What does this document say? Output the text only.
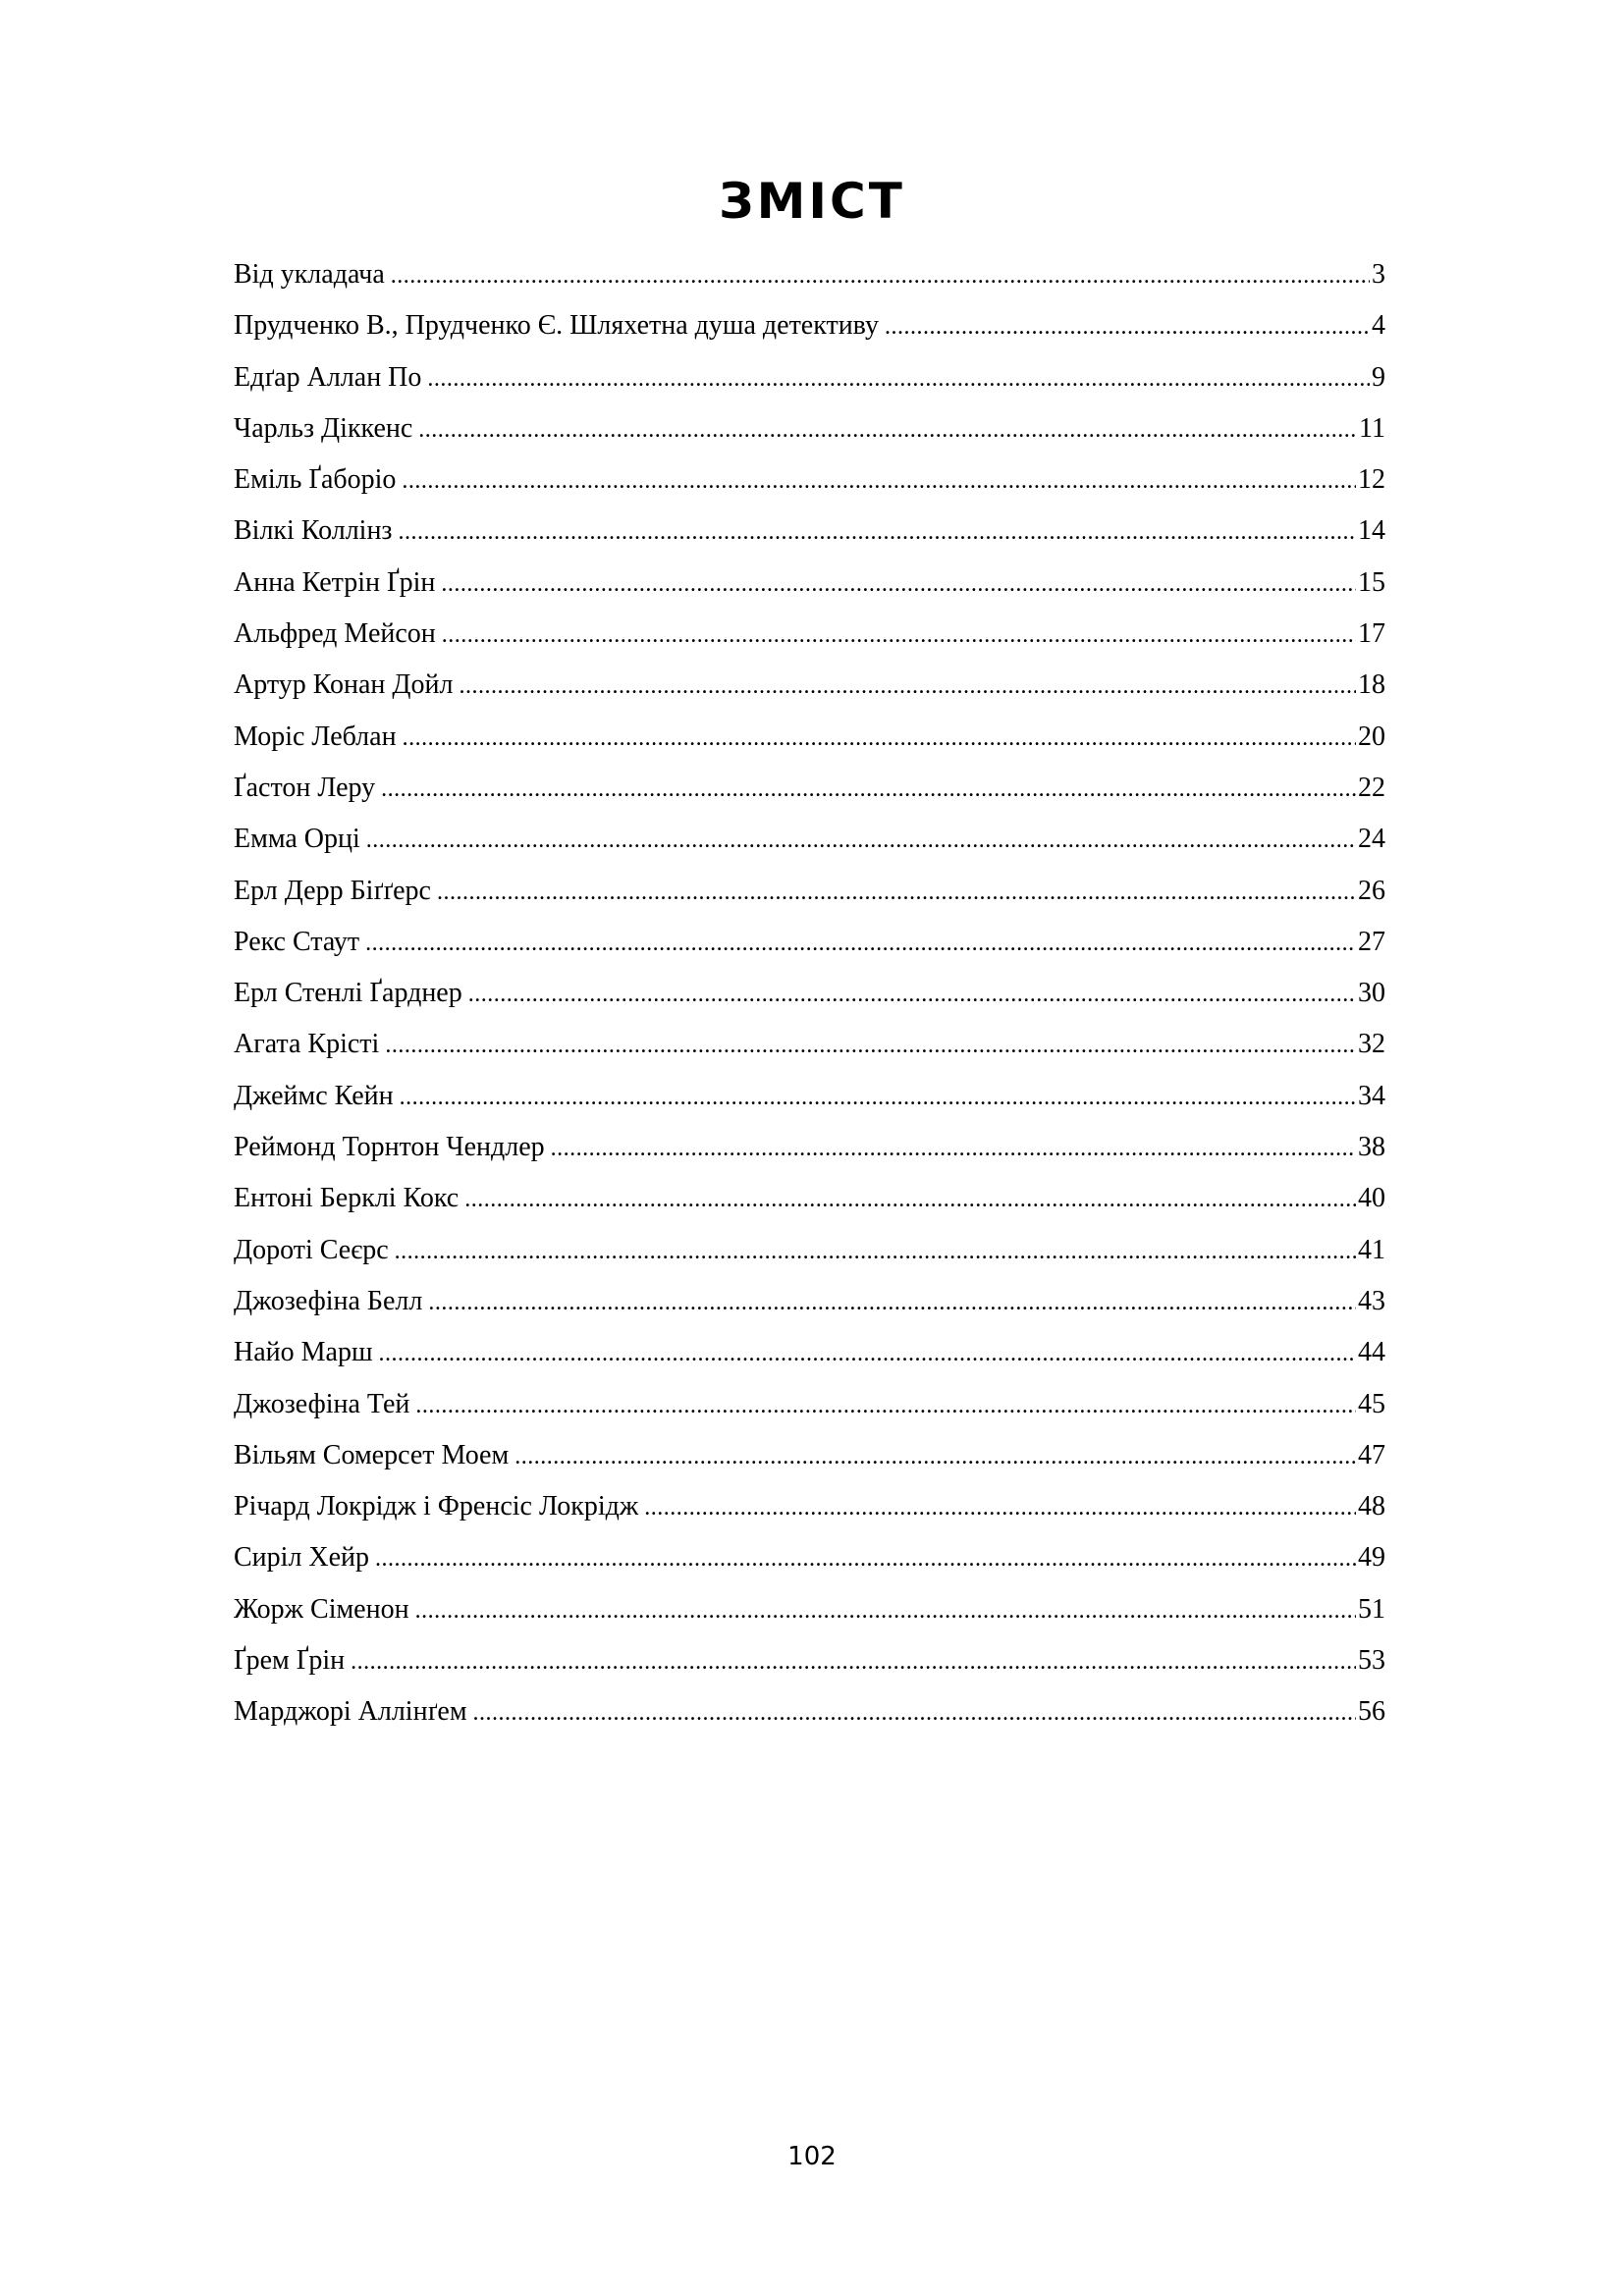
ЗМІСТ
Від укладача .....	3
Прудченко В., Прудченко Є. Шляхетна душа детективу .....	4
Едґар Аллан По .....	9
Чарльз Діккенс .....	11
Еміль Ґаборіо .....	12
Вілкі Коллінз .....	14
Анна Кетрін Ґрін .....	15
Альфред Мейсон .....	17
Артур Конан Дойл .....	18
Моріс Леблан .....	20
Ґастон Леру .....	22
Емма Орці .....	24
Ерл Дерр Біґґерс .....	26
Рекс Стаут .....	27
Ерл Стенлі Ґарднер .....	30
Агата Крісті .....	32
Джеймс Кейн .....	34
Реймонд Торнтон Чендлер .....	38
Ентоні Берклі Кокс .....	40
Дороті Сеєрс .....	41
Джозефіна Белл .....	43
Найо Марш .....	44
Джозефіна Тей .....	45
Вільям Сомерсет Моем .....	47
Річард Локрідж і Френсіс Локрідж .....	48
Сиріл Хейр .....	49
Жорж Сіменон .....	51
Ґрем Ґрін .....	53
Марджорі Аллінґем .....	56
102
